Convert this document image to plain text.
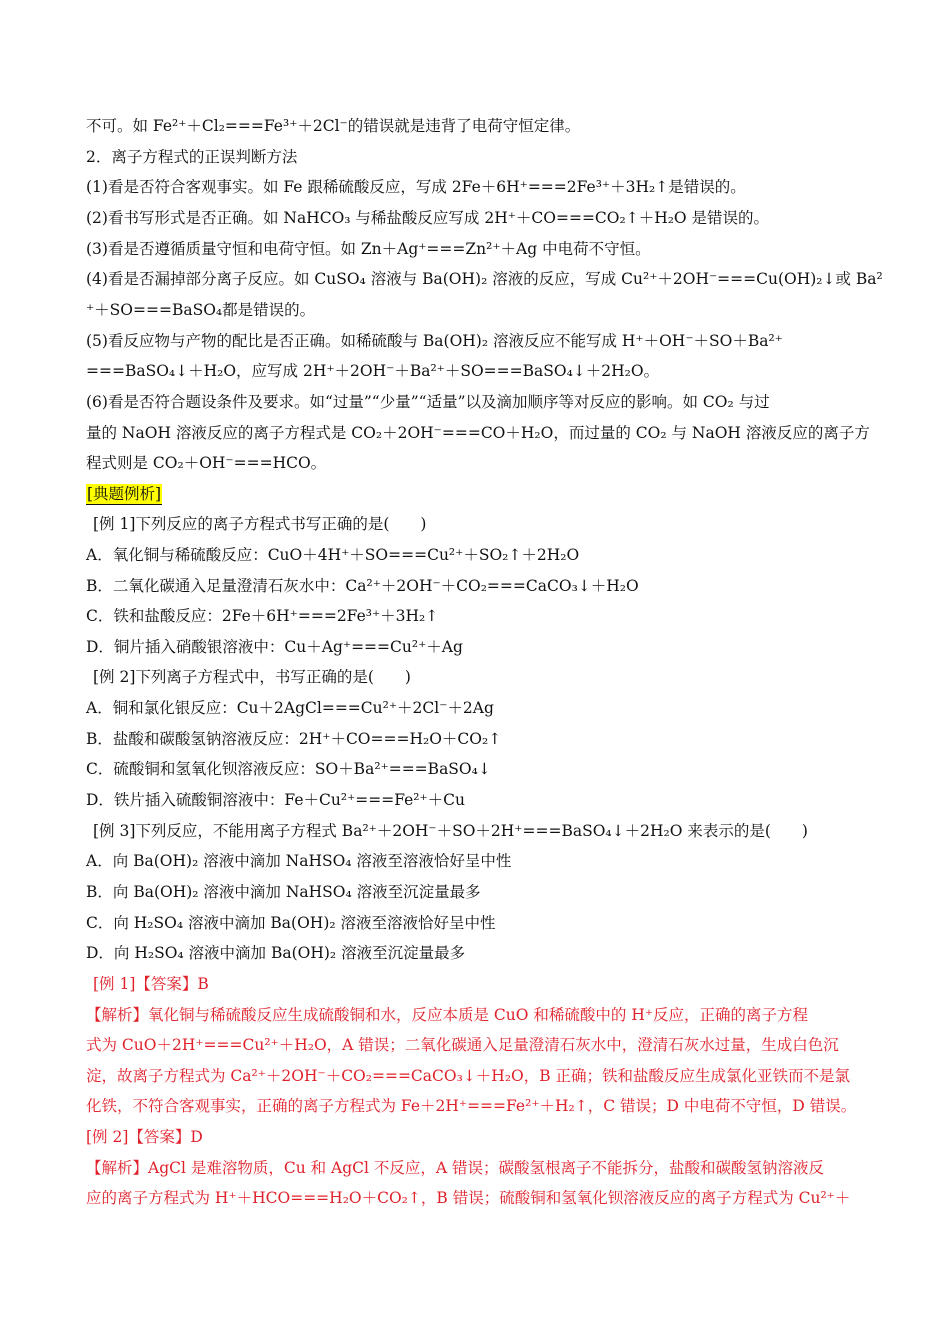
不可。如 Fe²⁺＋Cl₂===Fe³⁺＋2Cl⁻的错误就是违背了电荷守恒定律。
2．离子方程式的正误判断方法
(1)看是否符合客观事实。如 Fe 跟稀硫酸反应，写成 2Fe＋6H⁺===2Fe³⁺＋3H₂↑是错误的。
(2)看书写形式是否正确。如 NaHCO₃ 与稀盐酸反应写成 2H⁺＋CO===CO₂↑＋H₂O 是错误的。
(3)看是否遵循质量守恒和电荷守恒。如 Zn＋Ag⁺===Zn²⁺＋Ag 中电荷不守恒。
(4)看是否漏掉部分离子反应。如 CuSO₄ 溶液与 Ba(OH)₂ 溶液的反应，写成 Cu²⁺＋2OH⁻===Cu(OH)₂↓或 Ba²
⁺＋SO===BaSO₄都是错误的。
(5)看反应物与产物的配比是否正确。如稀硫酸与 Ba(OH)₂ 溶液反应不能写成 H⁺＋OH⁻＋SO＋Ba²⁺
===BaSO₄↓＋H₂O，应写成 2H⁺＋2OH⁻＋Ba²⁺＋SO===BaSO₄↓＋2H₂O。
(6)看是否符合题设条件及要求。如“过量”“少量”“适量”以及滴加顺序等对反应的影响。如 CO₂ 与过
量的 NaOH 溶液反应的离子方程式是 CO₂＋2OH⁻===CO＋H₂O，而过量的 CO₂ 与 NaOH 溶液反应的离子方
程式则是 CO₂＋OH⁻===HCO。
[典题例析]
[例 1]下列反应的离子方程式书写正确的是(　　)
A．氧化铜与稀硫酸反应：CuO＋4H⁺＋SO===Cu²⁺＋SO₂↑＋2H₂O
B．二氧化碳通入足量澄清石灰水中：Ca²⁺＋2OH⁻＋CO₂===CaCO₃↓＋H₂O
C．铁和盐酸反应：2Fe＋6H⁺===2Fe³⁺＋3H₂↑
D．铜片插入硝酸银溶液中：Cu＋Ag⁺===Cu²⁺＋Ag
[例 2]下列离子方程式中，书写正确的是(　　)
A．铜和氯化银反应：Cu＋2AgCl===Cu²⁺＋2Cl⁻＋2Ag
B．盐酸和碳酸氢钠溶液反应：2H⁺＋CO===H₂O＋CO₂↑
C．硫酸铜和氢氧化钡溶液反应：SO＋Ba²⁺===BaSO₄↓
D．铁片插入硫酸铜溶液中：Fe＋Cu²⁺===Fe²⁺＋Cu
[例 3]下列反应，不能用离子方程式 Ba²⁺＋2OH⁻＋SO＋2H⁺===BaSO₄↓＋2H₂O 来表示的是(　　)
A．向 Ba(OH)₂ 溶液中滴加 NaHSO₄ 溶液至溶液恰好呈中性
B．向 Ba(OH)₂ 溶液中滴加 NaHSO₄ 溶液至沉淀量最多
C．向 H₂SO₄ 溶液中滴加 Ba(OH)₂ 溶液至溶液恰好呈中性
D．向 H₂SO₄ 溶液中滴加 Ba(OH)₂ 溶液至沉淀量最多
[例 1]【答案】B
【解析】氧化铜与稀硫酸反应生成硫酸铜和水，反应本质是 CuO 和稀硫酸中的 H⁺反应，正确的离子方程
式为 CuO＋2H⁺===Cu²⁺＋H₂O，A 错误；二氧化碳通入足量澄清石灰水中，澄清石灰水过量，生成白色沉
淀，故离子方程式为 Ca²⁺＋2OH⁻＋CO₂===CaCO₃↓＋H₂O，B 正确；铁和盐酸反应生成氯化亚铁而不是氯
化铁，不符合客观事实，正确的离子方程式为 Fe＋2H⁺===Fe²⁺＋H₂↑，C 错误；D 中电荷不守恒，D 错误。
[例 2]【答案】D
【解析】AgCl 是难溶物质，Cu 和 AgCl 不反应，A 错误；碳酸氢根离子不能拆分，盐酸和碳酸氢钠溶液反
应的离子方程式为 H⁺＋HCO===H₂O＋CO₂↑，B 错误；硫酸铜和氢氧化钡溶液反应的离子方程式为 Cu²⁺＋
